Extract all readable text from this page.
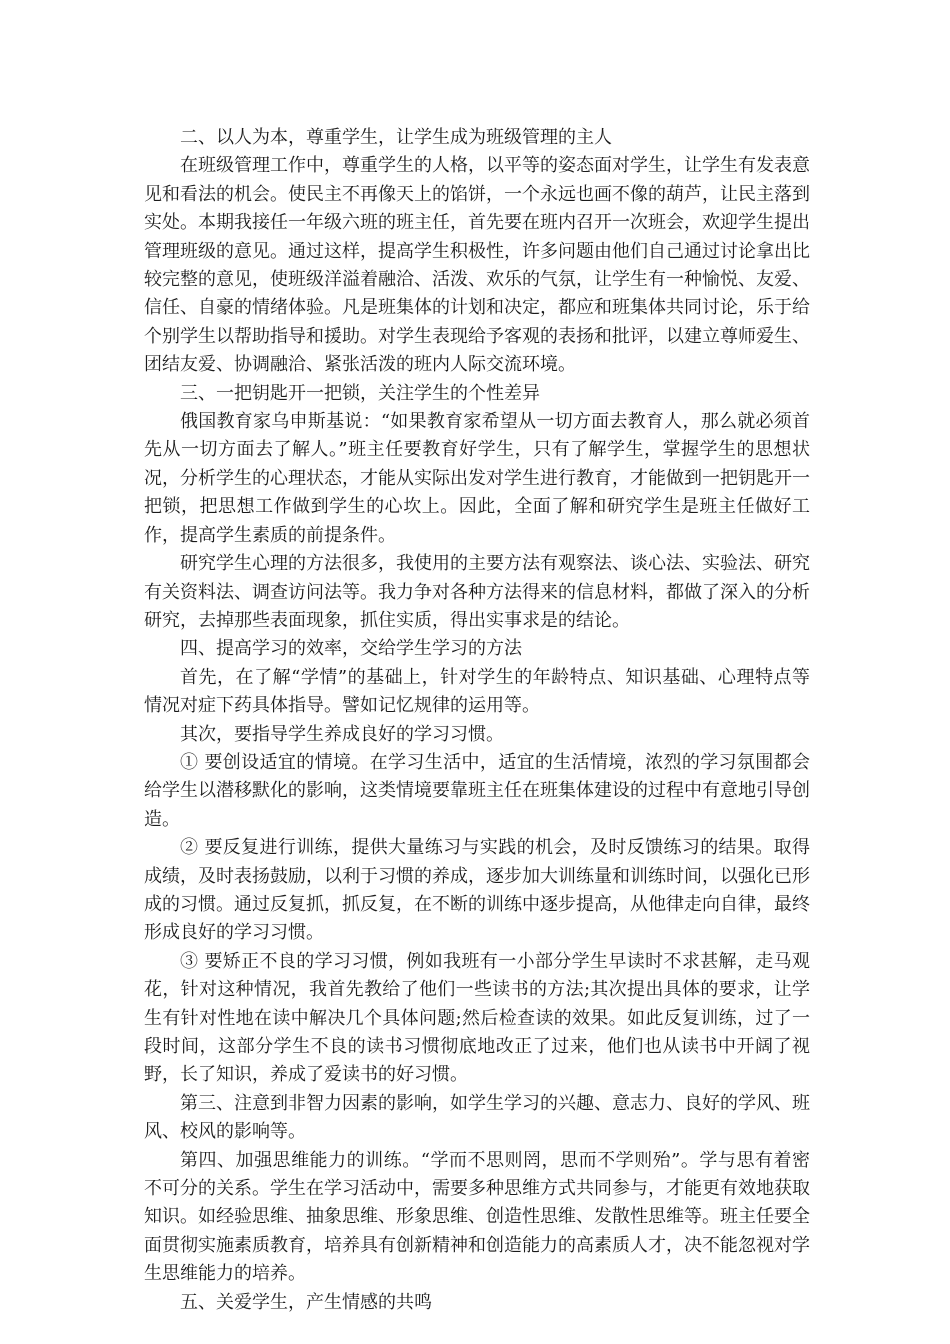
二、以人为本，尊重学生，让学生成为班级管理的主人

在班级管理工作中，尊重学生的人格，以平等的姿态面对学生，让学生有发表意见和看法的机会。使民主不再像天上的馅饼，一个永远也画不像的葫芦，让民主落到实处。本期我接任一年级六班的班主任，首先要在班内召开一次班会，欢迎学生提出管理班级的意见。通过这样，提高学生积极性，许多问题由他们自己通过讨论拿出比较完整的意见，使班级洋溢着融洽、活泼、欢乐的气氛，让学生有一种愉悦、友爱、信任、自豪的情绪体验。凡是班集体的计划和决定，都应和班集体共同讨论，乐于给个别学生以帮助指导和援助。对学生表现给予客观的表扬和批评，以建立尊师爱生、团结友爱、协调融洽、紧张活泼的班内人际交流环境。

三、一把钥匙开一把锁，关注学生的个性差异

俄国教育家乌申斯基说：“如果教育家希望从一切方面去教育人，那么就必须首先从一切方面去了解人。”班主任要教育好学生，只有了解学生，掌握学生的思想状况，分析学生的心理状态，才能从实际出发对学生进行教育，才能做到一把钥匙开一把锁，把思想工作做到学生的心坎上。因此，全面了解和研究学生是班主任做好工作，提高学生素质的前提条件。

研究学生心理的方法很多，我使用的主要方法有观察法、谈心法、实验法、研究有关资料法、调查访问法等。我力争对各种方法得来的信息材料，都做了深入的分析研究，去掉那些表面现象，抓住实质，得出实事求是的结论。

四、提高学习的效率，交给学生学习的方法

首先，在了解“学情”的基础上，针对学生的年龄特点、知识基础、心理特点等情况对症下药具体指导。譬如记忆规律的运用等。

其次，要指导学生养成良好的学习习惯。

① 要创设适宜的情境。在学习生活中，适宜的生活情境，浓烈的学习氛围都会给学生以潜移默化的影响，这类情境要靠班主任在班集体建设的过程中有意地引导创造。

② 要反复进行训练，提供大量练习与实践的机会，及时反馈练习的结果。取得成绩，及时表扬鼓励，以利于习惯的养成，逐步加大训练量和训练时间，以强化已形成的习惯。通过反复抓，抓反复，在不断的训练中逐步提高，从他律走向自律，最终形成良好的学习习惯。

③ 要矫正不良的学习习惯，例如我班有一小部分学生早读时不求甚解，走马观花，针对这种情况，我首先教给了他们一些读书的方法;其次提出具体的要求，让学生有针对性地在读中解决几个具体问题;然后检查读的效果。如此反复训练，过了一段时间，这部分学生不良的读书习惯彻底地改正了过来，他们也从读书中开阔了视野，长了知识，养成了爱读书的好习惯。

第三、注意到非智力因素的影响，如学生学习的兴趣、意志力、良好的学风、班风、校风的影响等。

第四、加强思维能力的训练。“学而不思则罔，思而不学则殆”。学与思有着密不可分的关系。学生在学习活动中，需要多种思维方式共同参与，才能更有效地获取知识。如经验思维、抽象思维、形象思维、创造性思维、发散性思维等。班主任要全面贯彻实施素质教育，培养具有创新精神和创造能力的高素质人才，决不能忽视对学生思维能力的培养。

五、关爱学生，产生情感的共鸣
